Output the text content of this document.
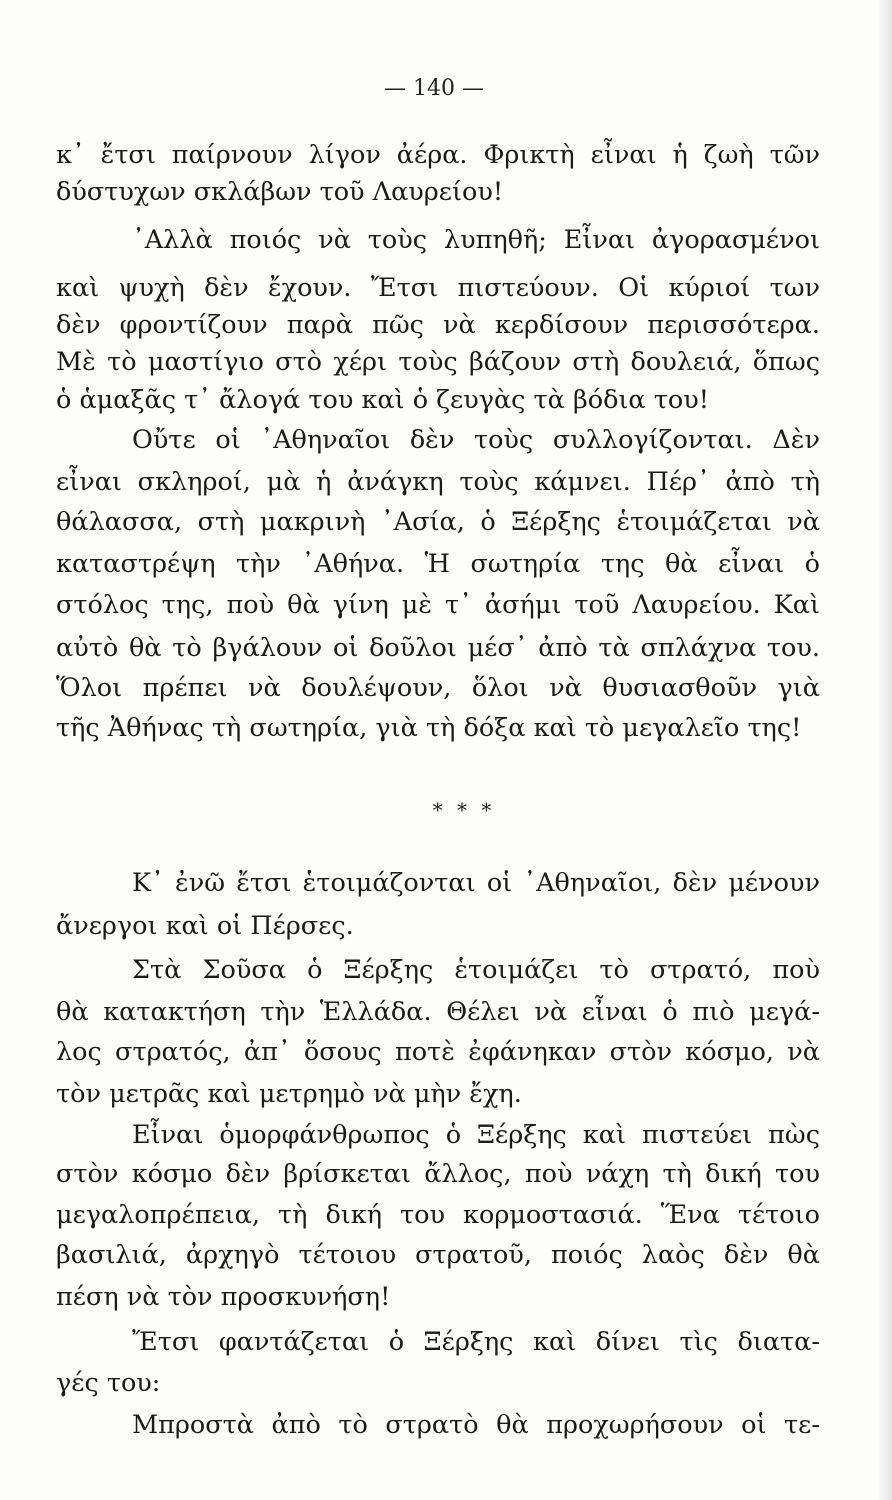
— 140 —
κ᾿ ἔτσι παίρνουν λίγον ἀέρα. Φρικτὴ εἶναι ἡ ζωὴ τῶν
δύστυχων σκλάβων τοῦ Λαυρείου!
᾿Αλλὰ ποιός νὰ τοὺς λυπηθῆ; Εἶναι ἀγορασμένοι
καὶ ψυχὴ δὲν ἔχουν. Ἔτσι πιστεύουν. Οἱ κύριοί των
δὲν φροντίζουν παρὰ πῶς νὰ κερδίσουν περισσότερα.
Μὲ τὸ μαστίγιο στὸ χέρι τοὺς βάζουν στὴ δουλειά, ὅπως
ὁ ἁμαξᾶς τ᾿ ἄλογά του καὶ ὁ ζευγὰς τὰ βόδια του!
Οὔτε οἱ ᾿Αθηναῖοι δὲν τοὺς συλλογίζονται. Δὲν
εἶναι σκληροί, μὰ ἡ ἀνάγκη τοὺς κάμνει. Πέρ᾿ ἀπὸ τὴ
θάλασσα, στὴ μακρινὴ ᾿Ασία, ὁ Ξέρξης ἑτοιμάζεται νὰ
καταστρέψη τὴν ᾿Αθήνα. Ἡ σωτηρία της θὰ εἶναι ὁ
στόλος της, ποὺ θὰ γίνη μὲ τ᾿ ἀσήμι τοῦ Λαυρείου. Καὶ
αὐτὸ θὰ τὸ βγάλουν οἱ δοῦλοι μέσ᾿ ἀπὸ τὰ σπλάχνα του.
Ὅλοι πρέπει νὰ δουλέψουν, ὅλοι νὰ θυσιασθοῦν γιὰ
τῆς Ἀθήνας τὴ σωτηρία, γιὰ τὴ δόξα καὶ τὸ μεγαλεῖο της!
* * *
Κ᾿ ἐνῶ ἔτσι ἑτοιμάζονται οἱ ᾿Αθηναῖοι, δὲν μένουν
ἄνεργοι καὶ οἱ Πέρσες.
Στὰ Σοῦσα ὁ Ξέρξης ἑτοιμάζει τὸ στρατό, ποὺ
θὰ κατακτήση τὴν Ἑλλάδα. Θέλει νὰ εἶναι ὁ πιὸ μεγά-
λος στρατός, ἀπ᾿ ὅσους ποτὲ ἐφάνηκαν στὸν κόσμο, νὰ
τὸν μετρᾶς καὶ μετρημὸ νὰ μὴν ἔχη.
Εἶναι ὁμορφάνθρωπος ὁ Ξέρξης καὶ πιστεύει πὼς
στὸν κόσμο δὲν βρίσκεται ἄλλος, ποὺ νάχη τὴ δική του
μεγαλοπρέπεια, τὴ δική του κορμοστασιά. Ἕνα τέτοιο
βασιλιά, ἀρχηγὸ τέτοιου στρατοῦ, ποιός λαὸς δὲν θὰ
πέση νὰ τὸν προσκυνήση!
Ἔτσι φαντάζεται ὁ Ξέρξης καὶ δίνει τὶς διατα-
γές του:
Μπροστὰ ἀπὸ τὸ στρατὸ θὰ προχωρήσουν οἱ τε-
